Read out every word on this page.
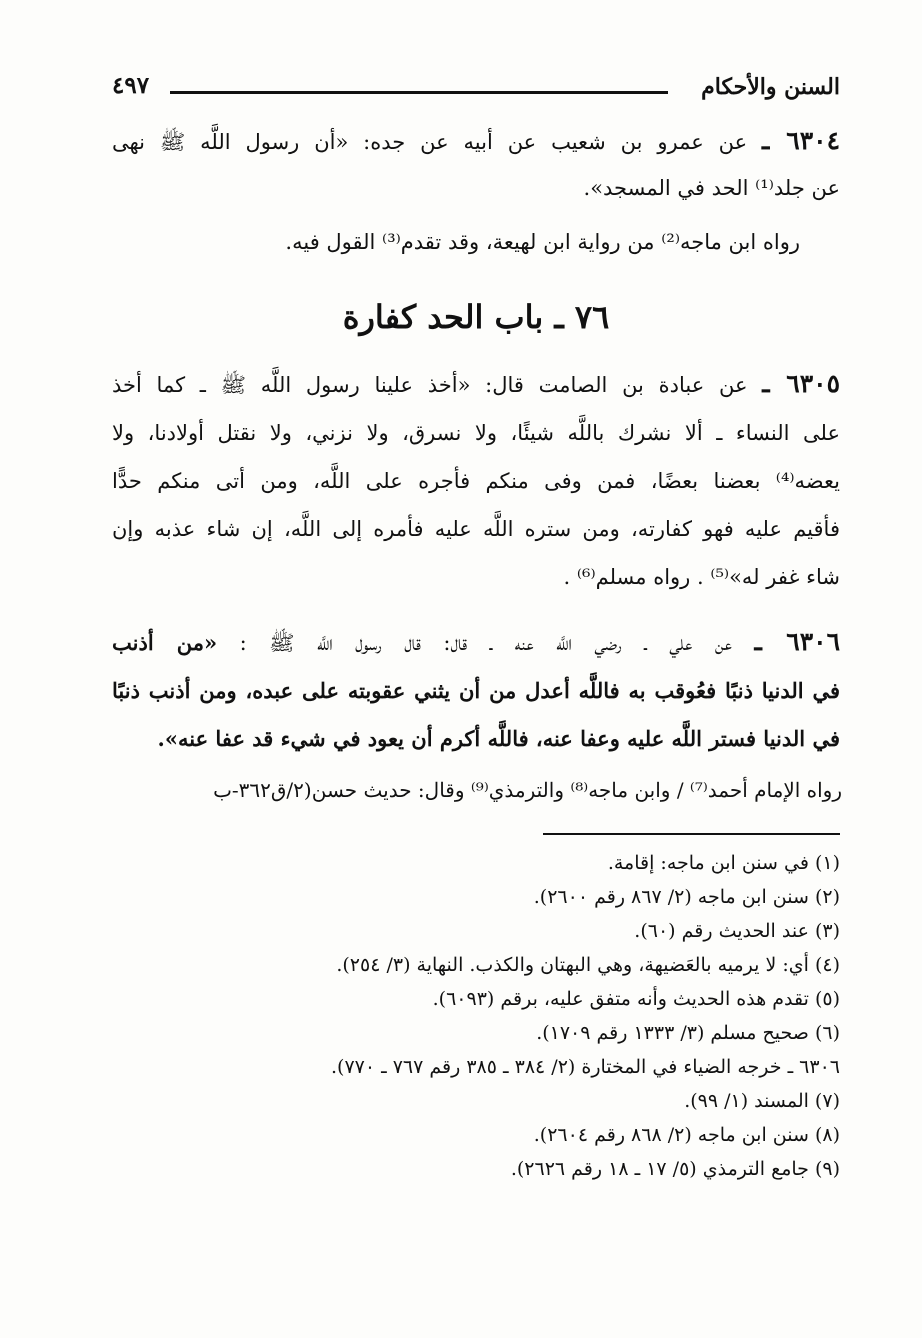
السنن والأحكام
٤٩٧
٦٣٠٤ ـ عن عمرو بن شعيب عن أبيه عن جده: «أن رسول اللَّه ﷺ نهى
عن جلد⁽¹⁾ الحد في المسجد».
رواه ابن ماجه⁽²⁾ من رواية ابن لهيعة، وقد تقدم⁽³⁾ القول فيه.
٧٦ ـ باب الحد كفارة
٦٣٠٥ ـ عن عبادة بن الصامت قال: «أخذ علينا رسول اللَّه ﷺ ـ كما أخذ
على النساء ـ ألا نشرك باللَّه شيئًا، ولا نسرق، ولا نزني، ولا نقتل أولادنا، ولا
يعضه⁽⁴⁾ بعضنا بعضًا، فمن وفى منكم فأجره على اللَّه، ومن أتى منكم حدًّا
فأقيم عليه فهو كفارته، ومن ستره اللَّه عليه فأمره إلى اللَّه، إن شاء عذبه وإن
شاء غفر له»⁽⁵⁾ . رواه مسلم⁽⁶⁾ .
٦٣٠٦ ـ عن علي ـ رضي اللَّه عنه ـ قال: قال رسول اللَّه ﷺ : «من أذنب
في الدنيا ذنبًا فعُوقب به فاللَّه أعدل من أن يثني عقوبته على عبده، ومن أذنب ذنبًا
في الدنيا فستر اللَّه عليه وعفا عنه، فاللَّه أكرم أن يعود في شيء قد عفا عنه».
رواه الإمام أحمد⁽⁷⁾ / وابن ماجه⁽⁸⁾ والترمذي⁽⁹⁾ وقال: حديث حسن(٢/ق٣٦٢-ب
(١) في سنن ابن ماجه: إقامة.
(٢) سنن ابن ماجه (٢/ ٨٦٧ رقم ٢٦٠٠).
(٣) عند الحديث رقم (٦٠).
(٤) أي: لا يرميه بالعَضيهة، وهي البهتان والكذب. النهاية (٣/ ٢٥٤).
(٥) تقدم هذه الحديث وأنه متفق عليه، برقم (٦٠٩٣).
(٦) صحيح مسلم (٣/ ١٣٣٣ رقم ١٧٠٩).
٦٣٠٦ ـ خرجه الضياء في المختارة (٢/ ٣٨٤ ـ ٣٨٥ رقم ٧٦٧ ـ ٧٧٠).
(٧) المسند (١/ ٩٩).
(٨) سنن ابن ماجه (٢/ ٨٦٨ رقم ٢٦٠٤).
(٩) جامع الترمذي (٥/ ١٧ ـ ١٨ رقم ٢٦٢٦).
